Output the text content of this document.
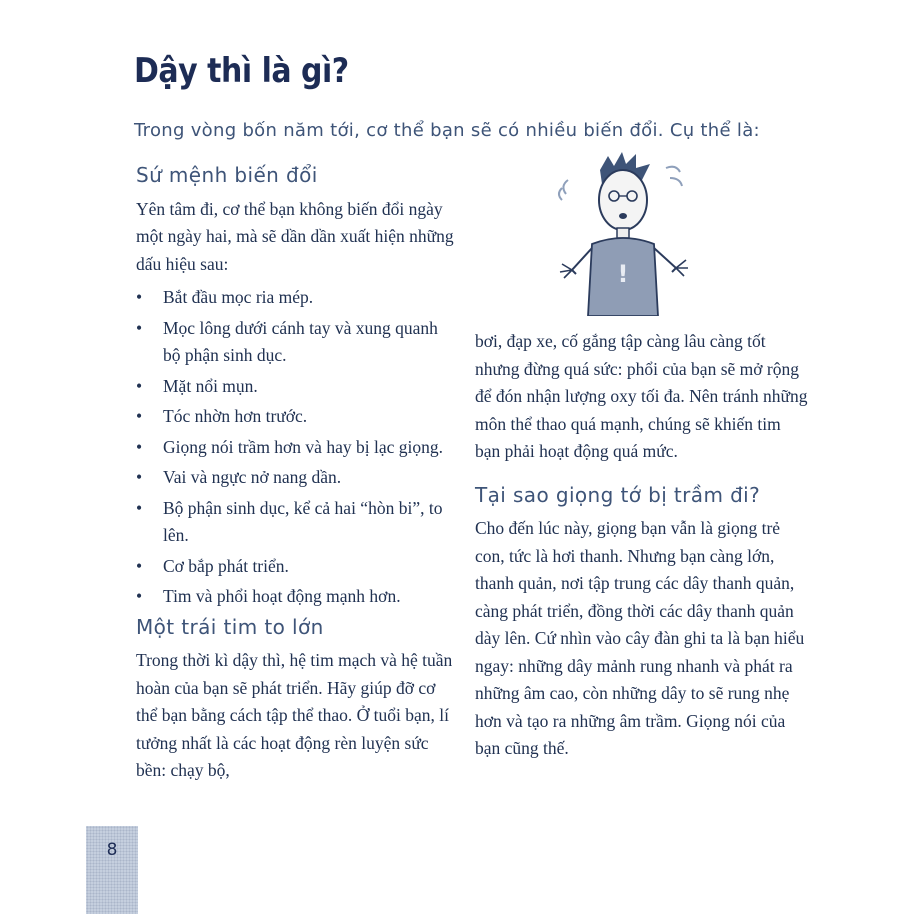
Dậy thì là gì?
Trong vòng bốn năm tới, cơ thể bạn sẽ có nhiều biến đổi. Cụ thể là:
Sứ mệnh biến đổi

Yên tâm đi, cơ thể bạn không biến đổi ngày một ngày hai, mà sẽ dần dần xuất hiện những dấu hiệu sau:

• Bắt đầu mọc ria mép.
• Mọc lông dưới cánh tay và xung quanh bộ phận sinh dục.
• Mặt nổi mụn.
• Tóc nhờn hơn trước.
• Giọng nói trầm hơn và hay bị lạc giọng.
• Vai và ngực nở nang dần.
• Bộ phận sinh dục, kể cả hai “hòn bi”, to lên.
• Cơ bắp phát triển.
• Tim và phổi hoạt động mạnh hơn.
Một trái tim to lớn

Trong thời kì dậy thì, hệ tim mạch và hệ tuần hoàn của bạn sẽ phát triển. Hãy giúp đỡ cơ thể bạn bằng cách tập thể thao. Ở tuổi bạn, lí tưởng nhất là các hoạt động rèn luyện sức bền: chạy bộ,

!

bơi, đạp xe, cố gắng tập càng lâu càng tốt nhưng đừng quá sức: phổi của bạn sẽ mở rộng để đón nhận lượng oxy tối đa. Nên tránh những môn thể thao quá mạnh, chúng sẽ khiến tim bạn phải hoạt động quá mức.

Tại sao giọng tớ bị trầm đi?

Cho đến lúc này, giọng bạn vẫn là giọng trẻ con, tức là hơi thanh. Nhưng bạn càng lớn, thanh quản, nơi tập trung các dây thanh quản, càng phát triển, đồng thời các dây thanh quản dày lên. Cứ nhìn vào cây đàn ghi ta là bạn hiểu ngay: những dây mảnh rung nhanh và phát ra những âm cao, còn những dây to sẽ rung nhẹ hơn và tạo ra những âm trầm. Giọng nói của bạn cũng thế.

8
